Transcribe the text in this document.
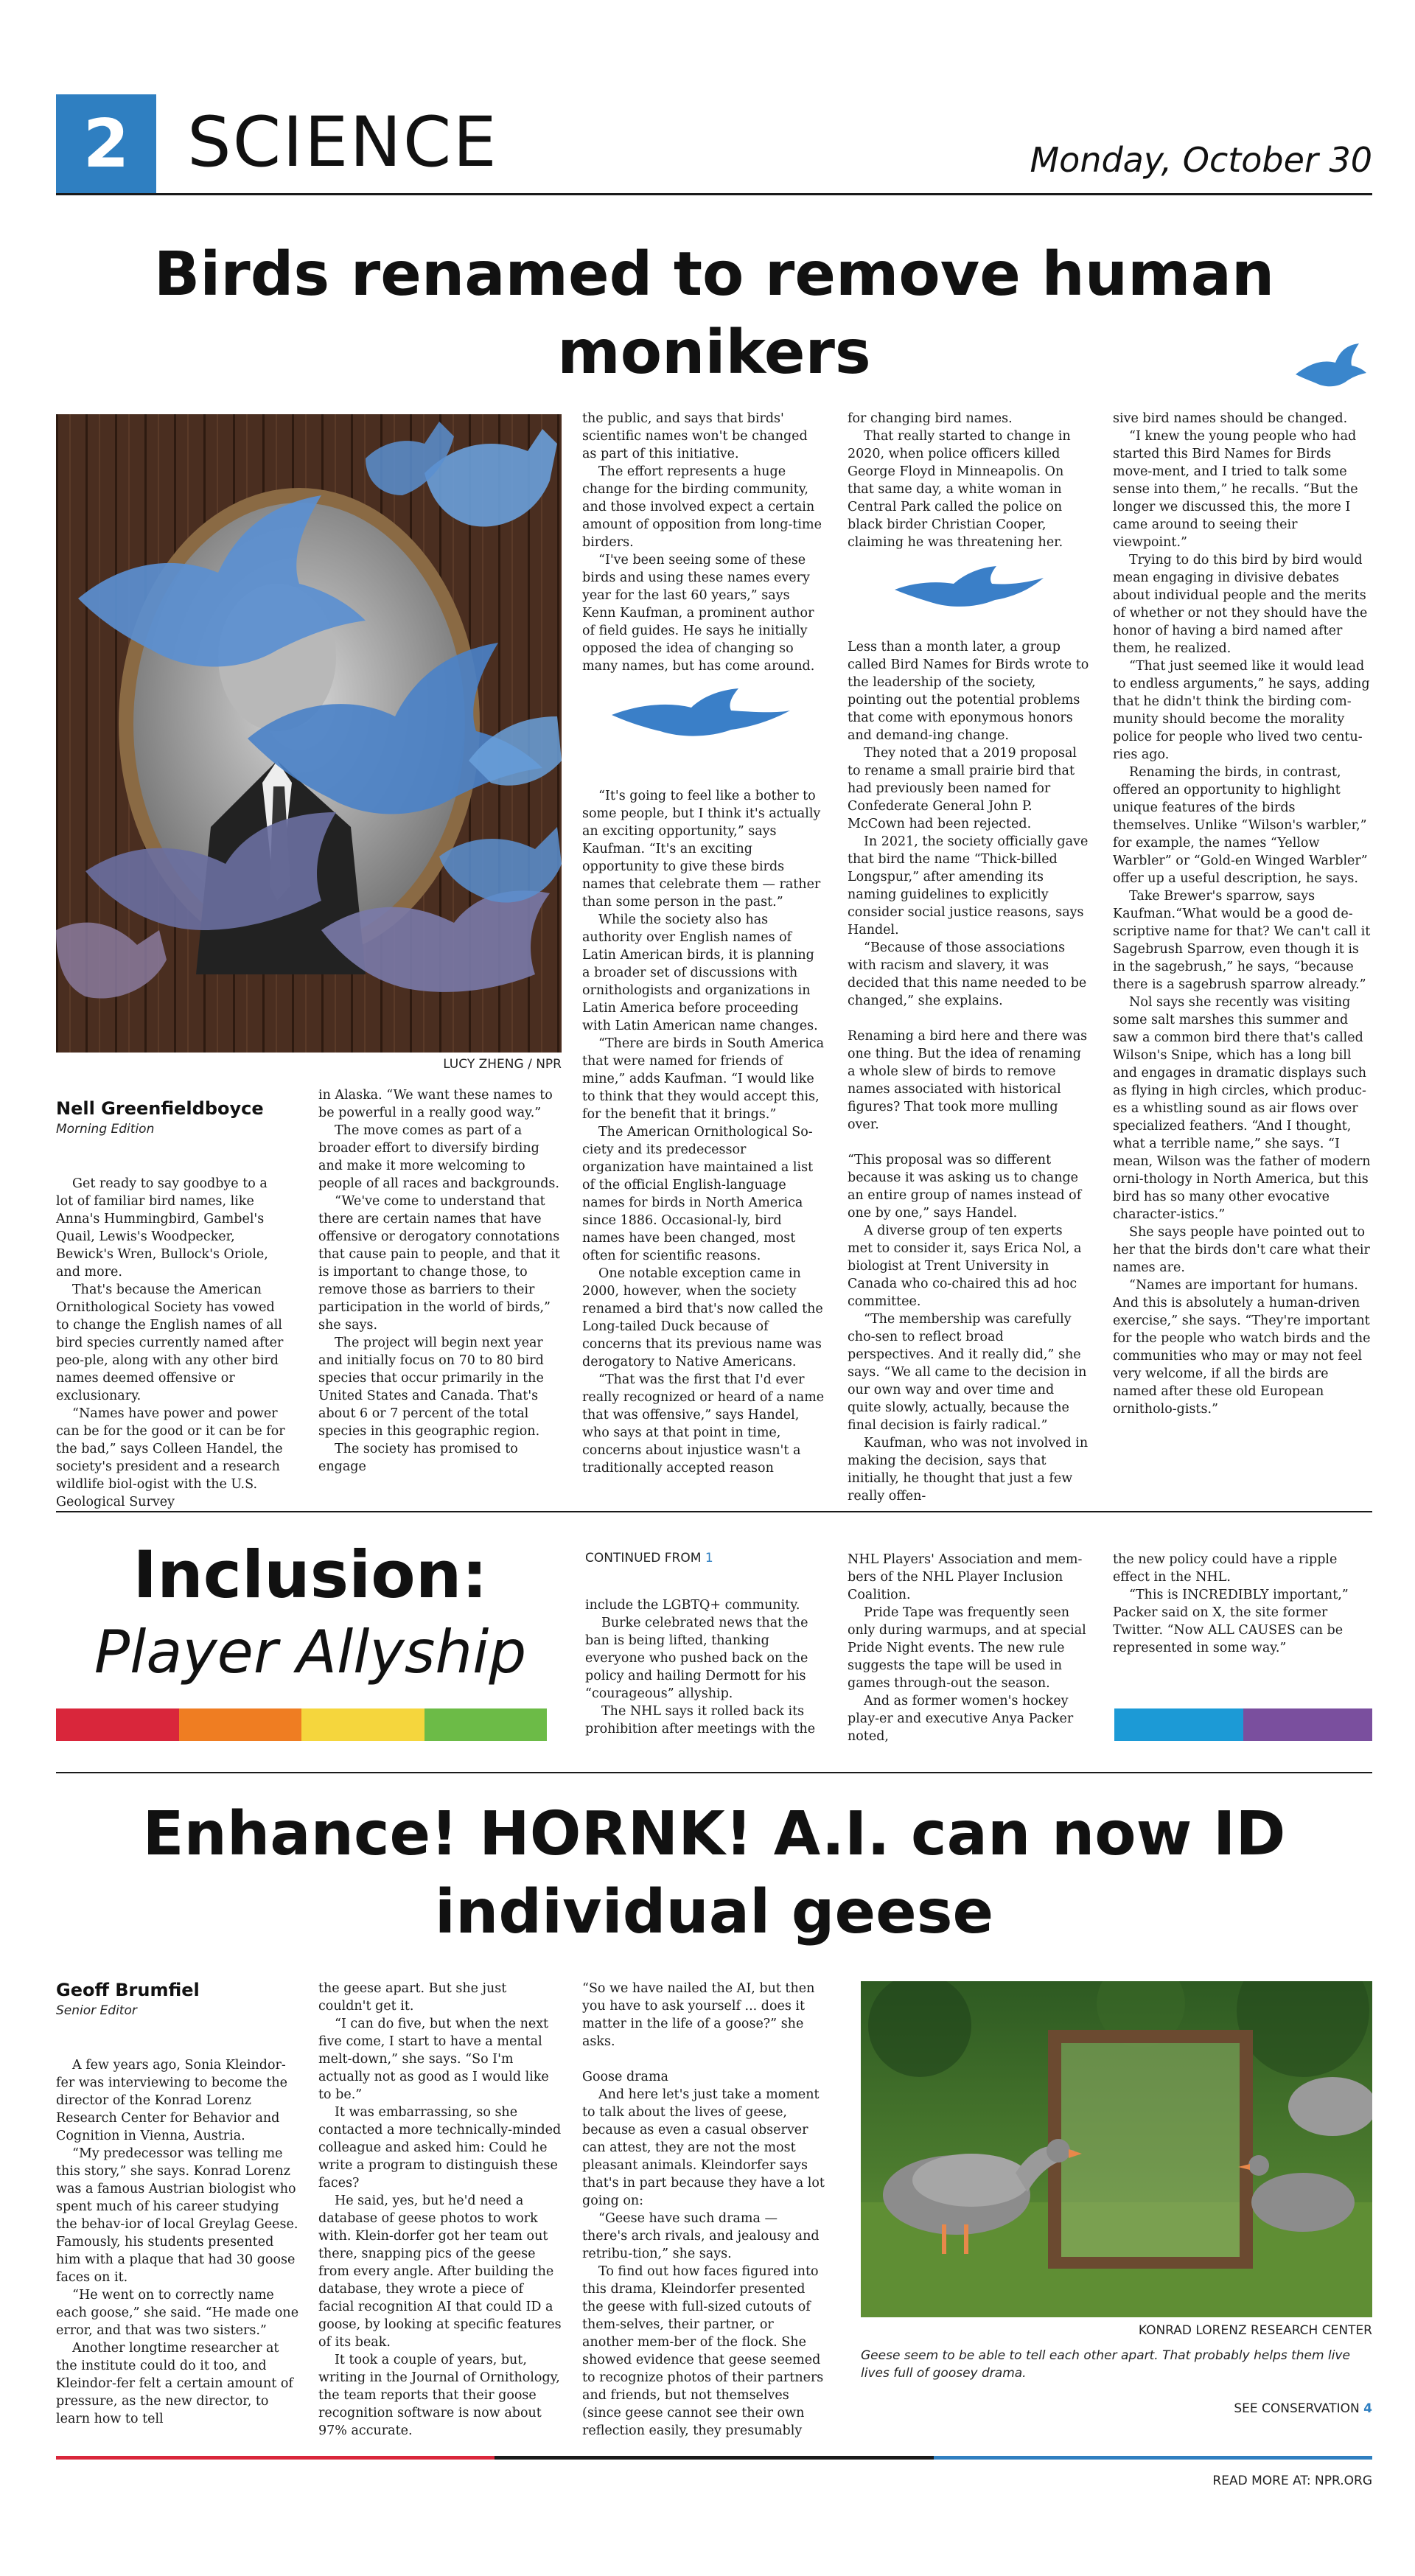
2 SCIENCE	Monday, October 30
Birds renamed to remove human
monikers
LUCY ZHENG / NPR
Nell Greenfieldboyce
Morning Edition

Get ready to say goodbye to a lot of familiar bird names, like Anna's Hummingbird, Gambel's Quail, Lewis's Woodpecker, Bewick's Wren, Bullock's Oriole, and more.

That's because the American Ornithological Society has vowed to change the English names of all bird species currently named after peo-ple, along with any other bird names deemed offensive or exclusionary.

“Names have power and power can be for the good or it can be for the bad,” says Colleen Handel, the society's president and a research wildlife biol-ogist with the U.S. Geological Survey

in Alaska. “We want these names to be powerful in a really good way.”

The move comes as part of a broader effort to diversify birding and make it more welcoming to people of all races and backgrounds.

“We've come to understand that there are certain names that have offensive or derogatory connotations that cause pain to people, and that it is important to change those, to remove those as barriers to their participation in the world of birds,” she says.

The project will begin next year and initially focus on 70 to 80 bird species that occur primarily in the United States and Canada. That's about 6 or 7 percent of the total species in this geographic region.

The society has promised to engage

the public, and says that birds' scientific names won't be changed as part of this initiative.

The effort represents a huge change for the birding community, and those involved expect a certain amount of opposition from long-time birders.

“I've been seeing some of these birds and using these names every year for the last 60 years,” says Kenn Kaufman, a prominent author of field guides. He says he initially opposed the idea of changing so many names, but has come around.

“It's going to feel like a bother to some people, but I think it's actually an exciting opportunity,” says Kaufman. “It's an exciting opportunity to give these birds names that celebrate them — rather than some person in the past.”

While the society also has authority over English names of Latin American birds, it is planning a broader set of discussions with ornithologists and organizations in Latin America before proceeding with Latin American name changes.

“There are birds in South America that were named for friends of mine,” adds Kaufman. “I would like to think that they would accept this, for the benefit that it brings.”

The American Ornithological So-ciety and its predecessor organization have maintained a list of the official English-language names for birds in North America since 1886. Occasional-ly, bird names have been changed, most often for scientific reasons.

One notable exception came in 2000, however, when the society renamed a bird that's now called the Long-tailed Duck because of concerns that its previous name was derogatory to Native Americans.

“That was the first that I'd ever really recognized or heard of a name that was offensive,” says Handel, who says at that point in time, concerns about injustice wasn't a traditionally accepted reason

for changing bird names.

That really started to change in 2020, when police officers killed George Floyd in Minneapolis. On that same day, a white woman in Central Park called the police on black birder Christian Cooper, claiming he was threatening her.

Less than a month later, a group called Bird Names for Birds wrote to the leadership of the society, pointing out the potential problems that come with eponymous honors and demand-ing change.

They noted that a 2019 proposal to rename a small prairie bird that had previously been named for Confederate General John P. McCown had been rejected.

In 2021, the society officially gave that bird the name “Thick-billed Longspur,” after amending its naming guidelines to explicitly consider social justice reasons, says Handel.

“Because of those associations with racism and slavery, it was decided that this name needed to be changed,” she explains.

Renaming a bird here and there was one thing. But the idea of renaming a whole slew of birds to remove names associated with historical figures? That took more mulling over.

“This proposal was so different because it was asking us to change an entire group of names instead of one by one,” says Handel.

A diverse group of ten experts met to consider it, says Erica Nol, a biologist at Trent University in Canada who co-chaired this ad hoc committee.

“The membership was carefully cho-sen to reflect broad perspectives. And it really did,” she says. “We all came to the decision in our own way and over time and quite slowly, actually, because the final decision is fairly radical.”

Kaufman, who was not involved in making the decision, says that initially, he thought that just a few really offen-

sive bird names should be changed.

“I knew the young people who had started this Bird Names for Birds move-ment, and I tried to talk some sense into them,” he recalls. “But the longer we discussed this, the more I came around to seeing their viewpoint.”

Trying to do this bird by bird would mean engaging in divisive debates about individual people and the merits of whether or not they should have the honor of having a bird named after them, he realized.

“That just seemed like it would lead to endless arguments,” he says, adding that he didn't think the birding com-munity should become the morality police for people who lived two centu-ries ago.

Renaming the birds, in contrast, offered an opportunity to highlight unique features of the birds themselves. Unlike “Wilson's warbler,” for example, the names “Yellow Warbler” or “Gold-en Winged Warbler” offer up a useful description, he says.

Take Brewer's sparrow, says Kaufman.“What would be a good de-scriptive name for that? We can't call it Sagebrush Sparrow, even though it is in the sagebrush,” he says, “because there is a sagebrush sparrow already.”

Nol says she recently was visiting some salt marshes this summer and saw a common bird there that's called Wilson's Snipe, which has a long bill and engages in dramatic displays such as flying in high circles, which produc-es a whistling sound as air flows over specialized feathers. “And I thought, what a terrible name,” she says. “I mean, Wilson was the father of modern orni-thology in North America, but this bird has so many other evocative character-istics.”

She says people have pointed out to her that the birds don't care what their names are.

“Names are important for humans. And this is absolutely a human-driven exercise,” she says. “They're important for the people who watch birds and the communities who may or may not feel very welcome, if all the birds are named after these old European ornitholo-gists.”

Inclusion:
Player Allyship
CONTINUED FROM 1

include the LGBTQ+ community.

Burke celebrated news that the ban is being lifted, thanking everyone who pushed back on the policy and hailing Dermott for his “courageous” allyship.

The NHL says it rolled back its prohibition after meetings with the

NHL Players' Association and mem-bers of the NHL Player Inclusion Coalition.

Pride Tape was frequently seen only during warmups, and at special Pride Night events. The new rule suggests the tape will be used in games through-out the season.

And as former women's hockey play-er and executive Anya Packer noted,

the new policy could have a ripple effect in the NHL.

“This is INCREDIBLY important,” Packer said on X, the site former Twitter. “Now ALL CAUSES can be represented in some way.”

Enhance! HORNK! A.I. can now ID
individual geese
Geoff Brumfiel
Senior Editor

A few years ago, Sonia Kleindor-fer was interviewing to become the director of the Konrad Lorenz Research Center for Behavior and Cognition in Vienna, Austria.

“My predecessor was telling me this story,” she says. Konrad Lorenz was a famous Austrian biologist who spent much of his career studying the behav-ior of local Greylag Geese. Famously, his students presented him with a plaque that had 30 goose faces on it.

“He went on to correctly name each goose,” she said. “He made one error, and that was two sisters.”

Another longtime researcher at the institute could do it too, and Kleindor-fer felt a certain amount of pressure, as the new director, to learn how to tell

the geese apart. But she just couldn't get it.

“I can do five, but when the next five come, I start to have a mental melt-down,” she says. “So I'm actually not as good as I would like to be.”

It was embarrassing, so she contacted a more technically-minded colleague and asked him: Could he write a program to distinguish these faces?

He said, yes, but he'd need a database of geese photos to work with. Klein-dorfer got her team out there, snapping pics of the geese from every angle. After building the database, they wrote a piece of facial recognition AI that could ID a goose, by looking at specific features of its beak.

It took a couple of years, but, writing in the Journal of Ornithology, the team reports that their goose recognition software is now about 97% accurate.

“So we have nailed the AI, but then you have to ask yourself ... does it matter in the life of a goose?” she asks.

Goose drama

And here let's just take a moment to talk about the lives of geese, because as even a casual observer can attest, they are not the most pleasant animals. Kleindorfer says that's in part because they have a lot going on:

“Geese have such drama — there's arch rivals, and jealousy and retribu-tion,” she says.

To find out how faces figured into this drama, Kleindorfer presented the geese with full-sized cutouts of them-selves, their partner, or another mem-ber of the flock. She showed evidence that geese seemed to recognize photos of their partners and friends, but not themselves (since geese cannot see their own reflection easily, they presumably

KONRAD LORENZ RESEARCH CENTER
Geese seem to be able to tell each other apart. That probably helps them live lives full of goosey drama.
SEE CONSERVATION 4
READ MORE AT: NPR.ORG
